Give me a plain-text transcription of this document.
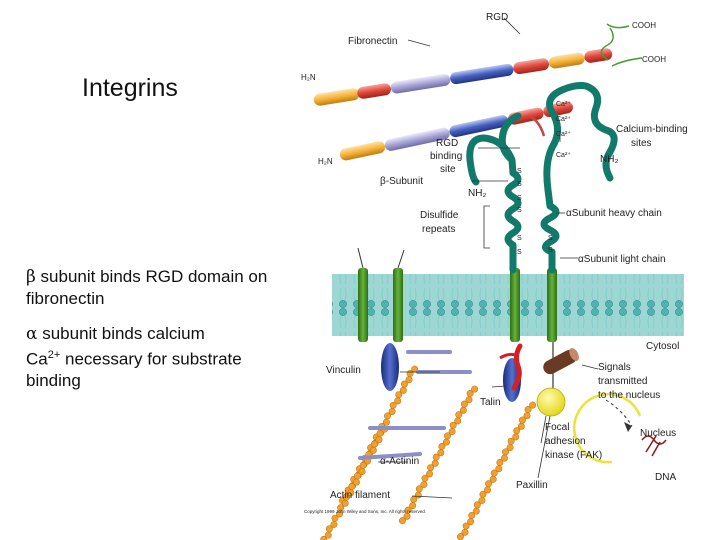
Integrins
β subunit binds RGD domain on
fibronectin
α subunit binds calcium
$Ca^{2+}$ necessary for substrate
binding
RGD
COOH
COOH
Fibronectin
H₂N
H₂N
Ca²⁺
Ca²⁺
Ca²⁺
Ca²⁺
Calcium-binding
sites
NH₂
RGD
binding
site
β-Subunit
NH₂
Disulfide
repeats
αSubunit heavy chain
αSubunit light chain
S
S
S
S
S
S
S
S
Cytosol
Vinculin	Signals
transmitted
to the nucleus
Talin
Focal
adhesion
kinase (FAK)
Nucleus
DNA
α-Actinin
Paxillin
Actin filament
Copyright 1999 John Wiley and Sons, Inc. All rights reserved.
